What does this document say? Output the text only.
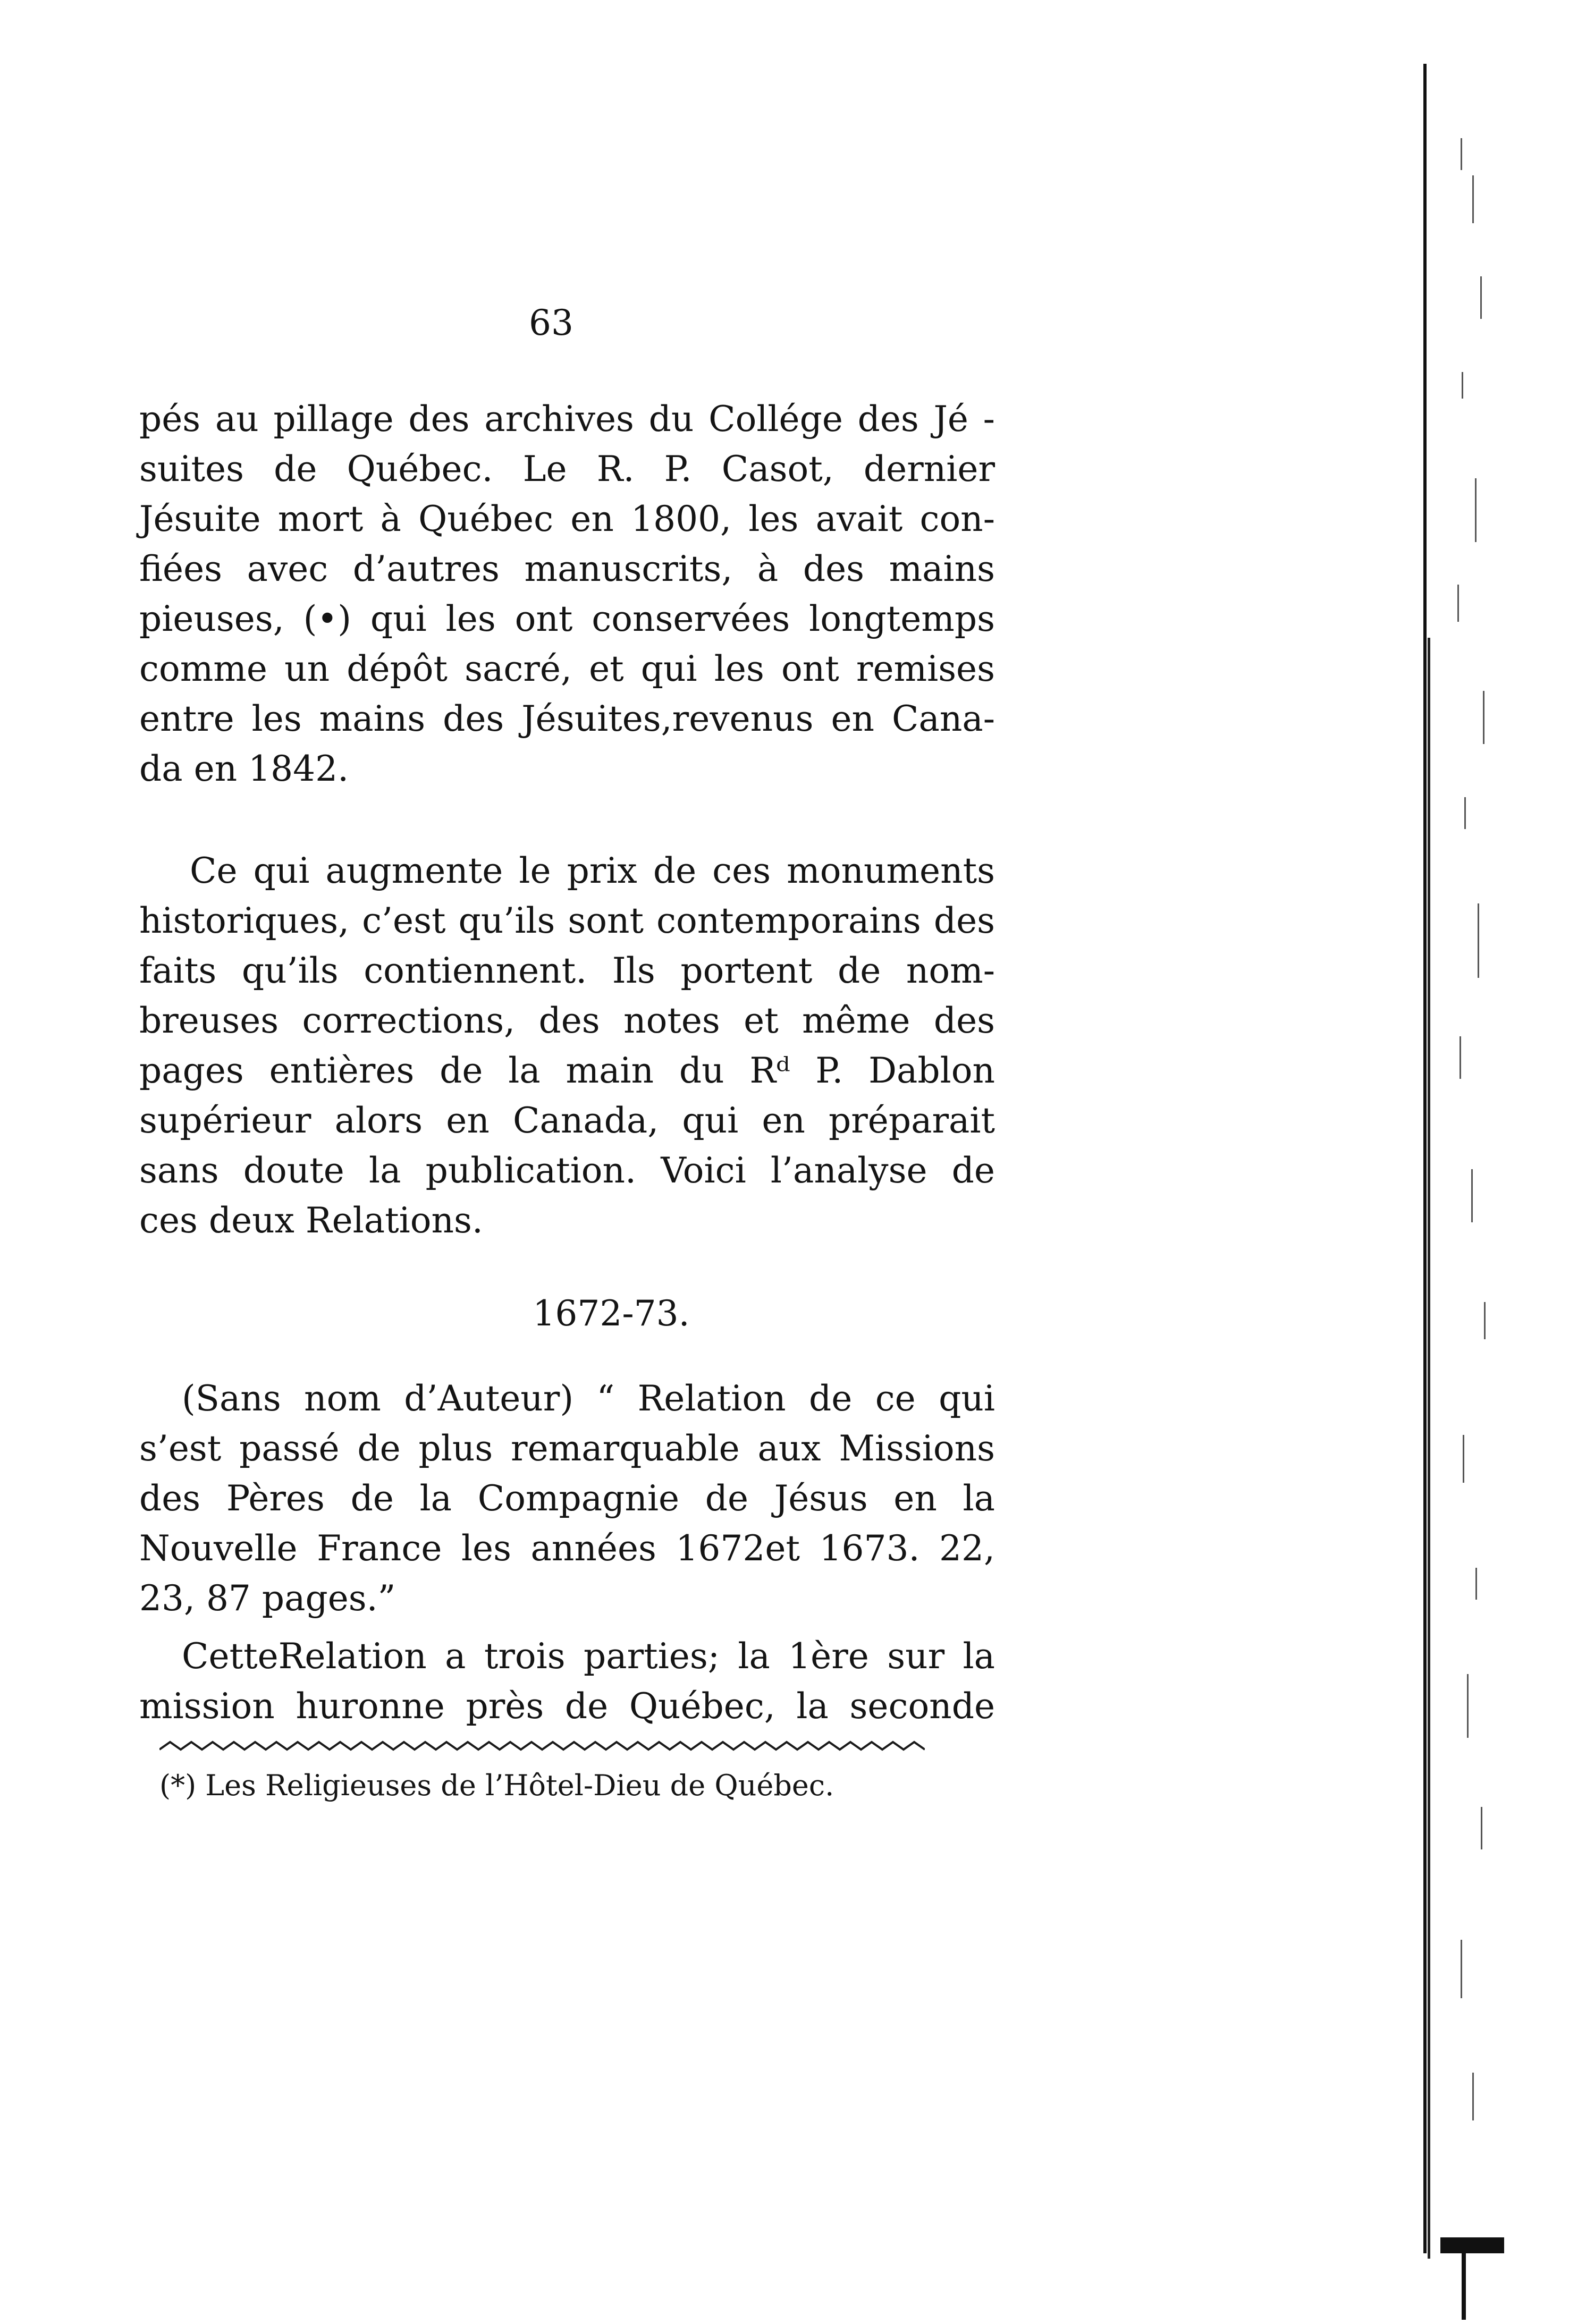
63
pés au pillage des archives du Collége des Jé -
suites de Québec. Le R. P. Casot, dernier
Jésuite mort à Québec en 1800, les avait con-
fiées avec d’autres manuscrits, à des mains
pieuses, (•) qui les ont conservées longtemps
comme un dépôt sacré, et qui les ont remises
entre les mains des Jésuites,revenus en Cana-
da en 1842.
Ce qui augmente le prix de ces monuments
historiques, c’est qu’ils sont contemporains des
faits qu’ils contiennent. Ils portent de nom-
breuses corrections, des notes et même des
pages entières de la main du Rᵈ P. Dablon
supérieur alors en Canada, qui en préparait
sans doute la publication. Voici l’analyse de
ces deux Relations.
1672-73.
(Sans nom d’Auteur) “ Relation de ce qui
s’est passé de plus remarquable aux Missions
des Pères de la Compagnie de Jésus en la
Nouvelle France les années 1672et 1673. 22,
23, 87 pages.”
CetteRelation a trois parties; la 1ère sur la
mission huronne près de Québec, la seconde
(*) Les Religieuses de l’Hôtel-Dieu de Québec.
